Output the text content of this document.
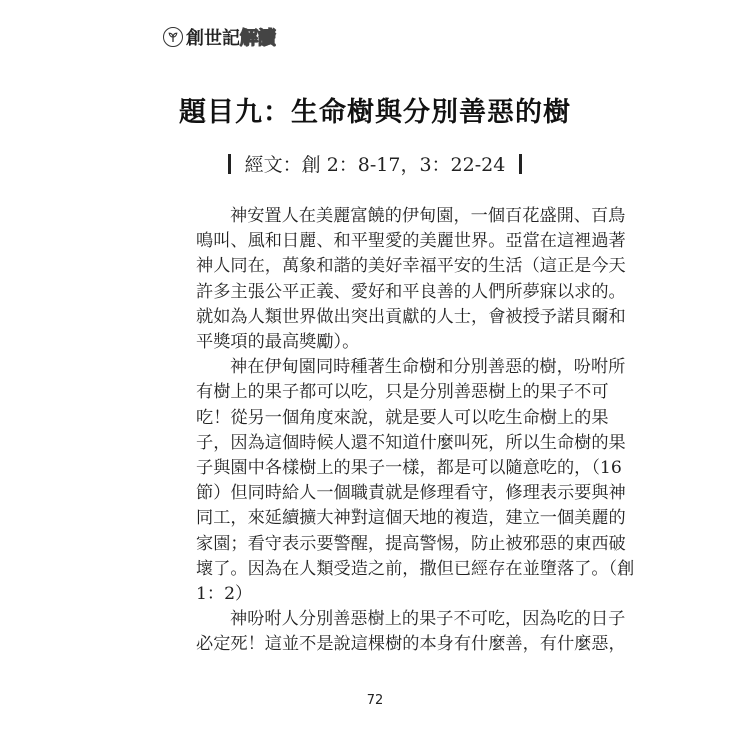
創世記 解讀
題目九：生命樹與分別善惡的樹
經文：創 2：8-17，3：22-24

神安置人在美麗富饒的伊甸園，一個百花盛開、百鳥
鳴叫、風和日麗、和平聖愛的美麗世界。亞當在這裡過著
神人同在，萬象和諧的美好幸福平安的生活（這正是今天
許多主張公平正義、愛好和平良善的人們所夢寐以求的。
就如為人類世界做出突出貢獻的人士，會被授予諾貝爾和
平獎項的最高獎勵）。

神在伊甸園同時種著生命樹和分別善惡的樹，吩咐所
有樹上的果子都可以吃，只是分別善惡樹上的果子不可
吃！從另一個角度來說，就是要人可以吃生命樹上的果
子，因為這個時候人還不知道什麼叫死，所以生命樹的果
子與園中各樣樹上的果子一樣，都是可以隨意吃的，（16
節）但同時給人一個職責就是修理看守，修理表示要與神
同工，來延續擴大神對這個天地的複造，建立一個美麗的
家園；看守表示要警醒，提高警惕，防止被邪惡的東西破
壞了。因為在人類受造之前，撒但已經存在並墮落了。（創
1：2）

神吩咐人分別善惡樹上的果子不可吃，因為吃的日子
必定死！這並不是說這棵樹的本身有什麼善，有什麼惡，

72
